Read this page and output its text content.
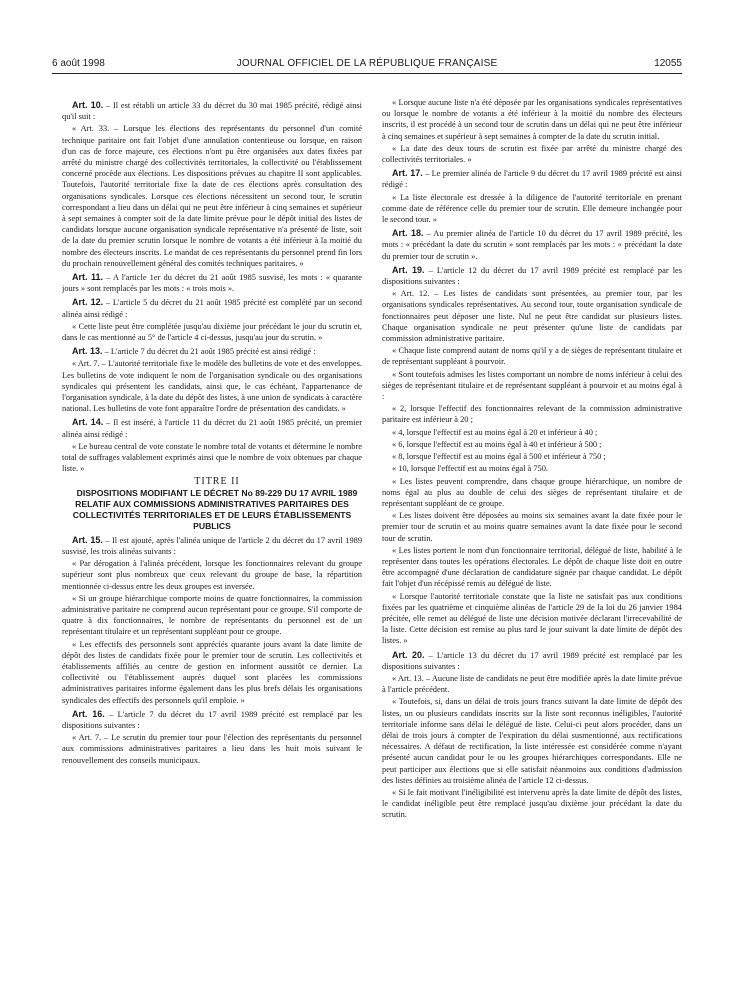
6 août 1998	JOURNAL OFFICIEL DE LA RÉPUBLIQUE FRANÇAISE	12055

Art. 10. – Il est rétabli un article 33 du décret du 30 mai 1985 précité, rédigé ainsi qu'il suit :

« Art. 33. – Lorsque les élections des représentants du personnel d'un comité technique paritaire ont fait l'objet d'une annulation contentieuse ou lorsque, en raison d'un cas de force majeure, ces élections n'ont pu être organisées aux dates fixées par arrêté du ministre chargé des collectivités territoriales, la collectivité ou l'établissement concerné procède aux élections. Les dispositions prévues au chapitre II sont applicables. Toutefois, l'autorité territoriale fixe la date de ces élections après consultation des organisations syndicales. Lorsque ces élections nécessitent un second tour, le scrutin correspondant a lieu dans un délai qui ne peut être inférieur à cinq semaines et supérieur à sept semaines à compter soit de la date limite prévue pour le dépôt initial des listes de candidats lorsque aucune organisation syndicale représentative n'a présenté de liste, soit de la date du premier scrutin lorsque le nombre de votants a été inférieur à la moitié du nombre des électeurs inscrits. Le mandat de ces représentants du personnel prend fin lors du prochain renouvellement général des comités techniques paritaires. »

Art. 11. – A l'article 1er du décret du 21 août 1985 susvisé, les mots : « quarante jours » sont remplacés par les mots : « trois mois ».

Art. 12. – L'article 5 du décret du 21 août 1985 précité est complété par un second alinéa ainsi rédigé :

« Cette liste peut être complétée jusqu'au dixième jour précédant le jour du scrutin et, dans le cas mentionné au 5° de l'article 4 ci-dessus, jusqu'au jour du scrutin. »

Art. 13. – L'article 7 du décret du 21 août 1985 précité est ainsi rédigé :

« Art. 7. – L'autorité territoriale fixe le modèle des bulletins de vote et des enveloppes. Les bulletins de vote indiquent le nom de l'organisation syndicale ou des organisations syndicales qui présentent les candidats, ainsi que, le cas échéant, l'appartenance de l'organisation syndicale, à la date du dépôt des listes, à une union de syndicats à caractère national. Les bulletins de vote font apparaître l'ordre de présentation des candidats. »

Art. 14. – Il est inséré, à l'article 11 du décret du 21 août 1985 précité, un premier alinéa ainsi rédigé :

« Le bureau central de vote constate le nombre total de votants et détermine le nombre total de suffrages valablement exprimés ainsi que le nombre de voix obtenues par chaque liste. »

TITRE II

DISPOSITIONS MODIFIANT LE DÉCRET No 89-229 DU 17 AVRIL 1989 RELATIF AUX COMMISSIONS ADMINISTRATIVES PARITAIRES DES COLLECTIVITÉS TERRITORIALES ET DE LEURS ÉTABLISSEMENTS PUBLICS

Art. 15. – Il est ajouté, après l'alinéa unique de l'article 2 du décret du 17 avril 1989 susvisé, les trois alinéas suivants :

« Par dérogation à l'alinéa précédent, lorsque les fonctionnaires relevant du groupe supérieur sont plus nombreux que ceux relevant du groupe de base, la répartition mentionnée ci-dessus entre les deux groupes est inversée.

« Si un groupe hiérarchique comporte moins de quatre fonctionnaires, la commission administrative paritaire ne comprend aucun représentant pour ce groupe. S'il comporte de quatre à dix fonctionnaires, le nombre de représentants du personnel est de un représentant titulaire et un représentant suppléant pour ce groupe.

« Les effectifs des personnels sont appréciés quarante jours avant la date limite de dépôt des listes de candidats fixée pour le premier tour de scrutin. Les collectivités et établissements affiliés au centre de gestion en informent aussitôt ce dernier. La collectivité ou l'établissement auprès duquel sont placées les commissions administratives paritaires informe également dans les plus brefs délais les organisations syndicales des effectifs des personnels qu'il emploie. »

Art. 16. – L'article 7 du décret du 17 avril 1989 précité est remplacé par les dispositions suivantes :

« Art. 7. – Le scrutin du premier tour pour l'élection des représentants du personnel aux commissions administratives paritaires a lieu dans les huit mois suivant le renouvellement des conseils municipaux.

« Lorsque aucune liste n'a été déposée par les organisations syndicales représentatives ou lorsque le nombre de votants a été inférieur à la moitié du nombre des électeurs inscrits, il est procédé à un second tour de scrutin dans un délai qui ne peut être inférieur à cinq semaines et supérieur à sept semaines à compter de la date du scrutin initial.

« La date des deux tours de scrutin est fixée par arrêté du ministre chargé des collectivités territoriales. »

Art. 17. – Le premier alinéa de l'article 9 du décret du 17 avril 1989 précité est ainsi rédigé :

« La liste électorale est dressée à la diligence de l'autorité territoriale en prenant comme date de référence celle du premier tour de scrutin. Elle demeure inchangée pour le second tour. »

Art. 18. – Au premier alinéa de l'article 10 du décret du 17 avril 1989 précité, les mots : « précédant la date du scrutin » sont remplacés par les mots : « précédant la date du premier tour de scrutin ».

Art. 19. – L'article 12 du décret du 17 avril 1989 précité est remplacé par les dispositions suivantes :

« Art. 12. – Les listes de candidats sont présentées, au premier tour, par les organisations syndicales représentatives. Au second tour, toute organisation syndicale de fonctionnaires peut déposer une liste. Nul ne peut être candidat sur plusieurs listes. Chaque organisation syndicale ne peut présenter qu'une liste de candidats par commission administrative paritaire.

« Chaque liste comprend autant de noms qu'il y a de sièges de représentant titulaire et de représentant suppléant à pourvoir.

« Sont toutefois admises les listes comportant un nombre de noms inférieur à celui des sièges de représentant titulaire et de représentant suppléant à pourvoir et au moins égal à :

« 2, lorsque l'effectif des fonctionnaires relevant de la commission administrative paritaire est inférieur à 20 ;

« 4, lorsque l'effectif est au moins égal à 20 et inférieur à 40 ;

« 6, lorsque l'effectif est au moins égal à 40 et inférieur à 500 ;

« 8, lorsque l'effectif est au moins égal à 500 et inférieur à 750 ;

« 10, lorsque l'effectif est au moins égal à 750.

« Les listes peuvent comprendre, dans chaque groupe hiérarchique, un nombre de noms égal au plus au double de celui des sièges de représentant titulaire et de représentant suppléant de ce groupe.

« Les listes doivent être déposées au moins six semaines avant la date fixée pour le premier tour de scrutin et au moins quatre semaines avant la date fixée pour le second tour de scrutin.

« Les listes portent le nom d'un fonctionnaire territorial, délégué de liste, habilité à le représenter dans toutes les opérations électorales. Le dépôt de chaque liste doit en outre être accompagné d'une déclaration de candidature signée par chaque candidat. Le dépôt fait l'objet d'un récépissé remis au délégué de liste.

« Lorsque l'autorité territoriale constate que la liste ne satisfait pas aux conditions fixées par les quatrième et cinquième alinéas de l'article 29 de la loi du 26 janvier 1984 précitée, elle remet au délégué de liste une décision motivée déclarant l'irrecevabilité de la liste. Cette décision est remise au plus tard le jour suivant la date limite de dépôt des listes. »

Art. 20. – L'article 13 du décret du 17 avril 1989 précité est remplacé par les dispositions suivantes :

« Art. 13. – Aucune liste de candidats ne peut être modifiée après la date limite prévue à l'article précédent.

« Toutefois, si, dans un délai de trois jours francs suivant la date limite de dépôt des listes, un ou plusieurs candidats inscrits sur la liste sont reconnus inéligibles, l'autorité territoriale informe sans délai le délégué de liste. Celui-ci peut alors procéder, dans un délai de trois jours à compter de l'expiration du délai susmentionné, aux rectifications nécessaires. A défaut de rectification, la liste intéressée est considérée comme n'ayant présenté aucun candidat pour le ou les groupes hiérarchiques correspondants. Elle ne peut participer aux élections que si elle satisfait néanmoins aux conditions d'admission des listes définies au troisième alinéa de l'article 12 ci-dessus.

« Si le fait motivant l'inéligibilité est intervenu après la date limite de dépôt des listes, le candidat inéligible peut être remplacé jusqu'au dixième jour précédant la date du scrutin.
